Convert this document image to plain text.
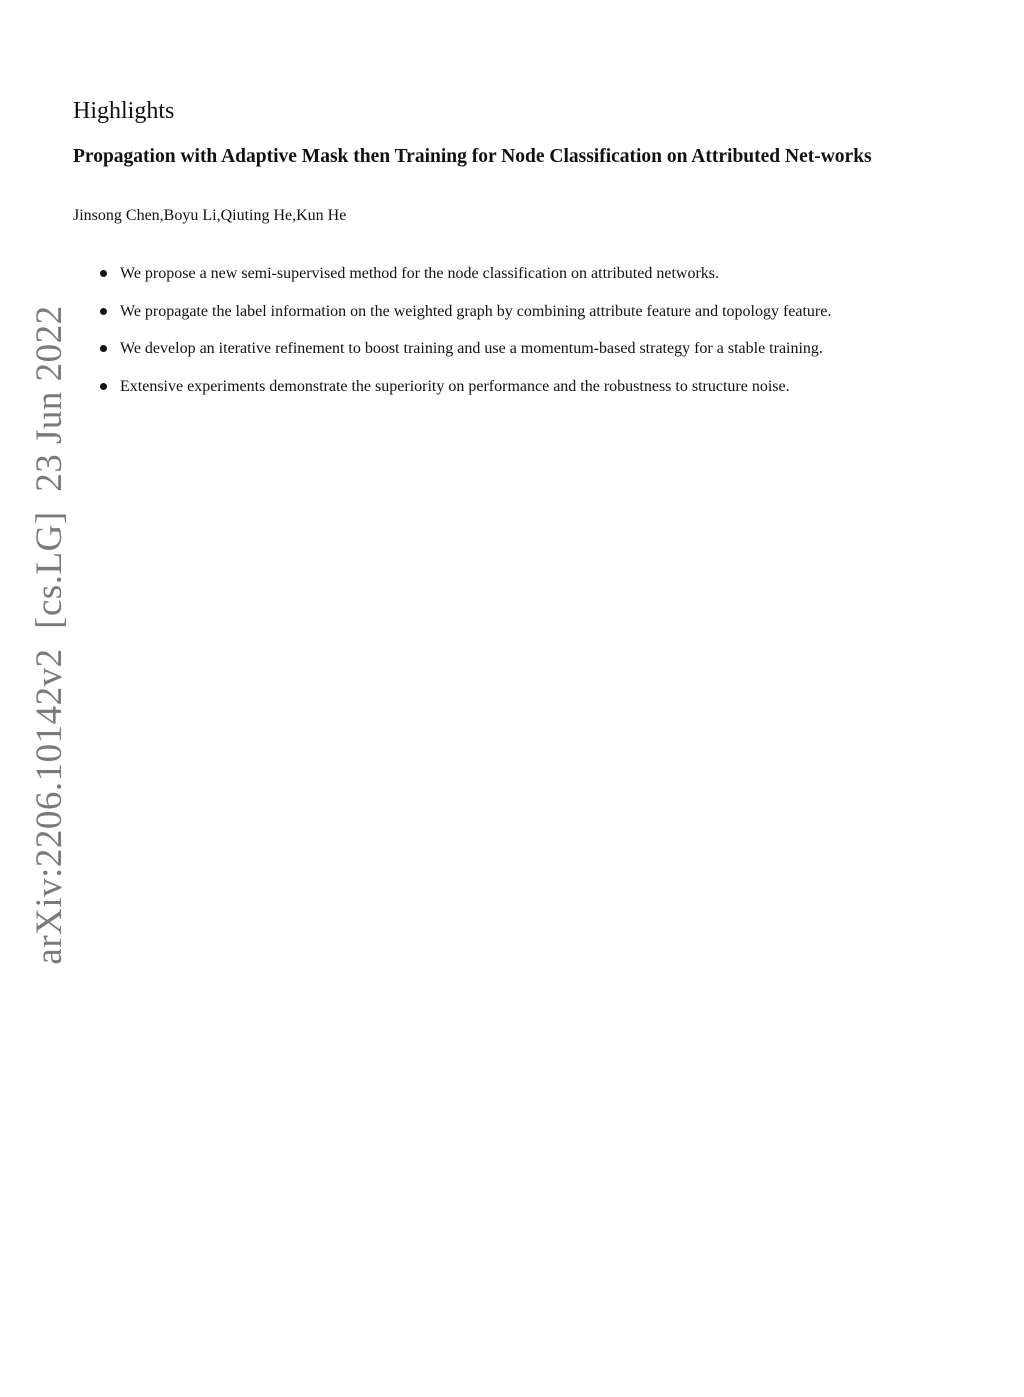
Highlights
Propagation with Adaptive Mask then Training for Node Classification on Attributed Net-works
Jinsong Chen,Boyu Li,Qiuting He,Kun He
We propose a new semi-supervised method for the node classification on attributed networks.
We propagate the label information on the weighted graph by combining attribute feature and topology feature.
We develop an iterative refinement to boost training and use a momentum-based strategy for a stable training.
Extensive experiments demonstrate the superiority on performance and the robustness to structure noise.
arXiv:2206.10142v2  [cs.LG]  23 Jun 2022
